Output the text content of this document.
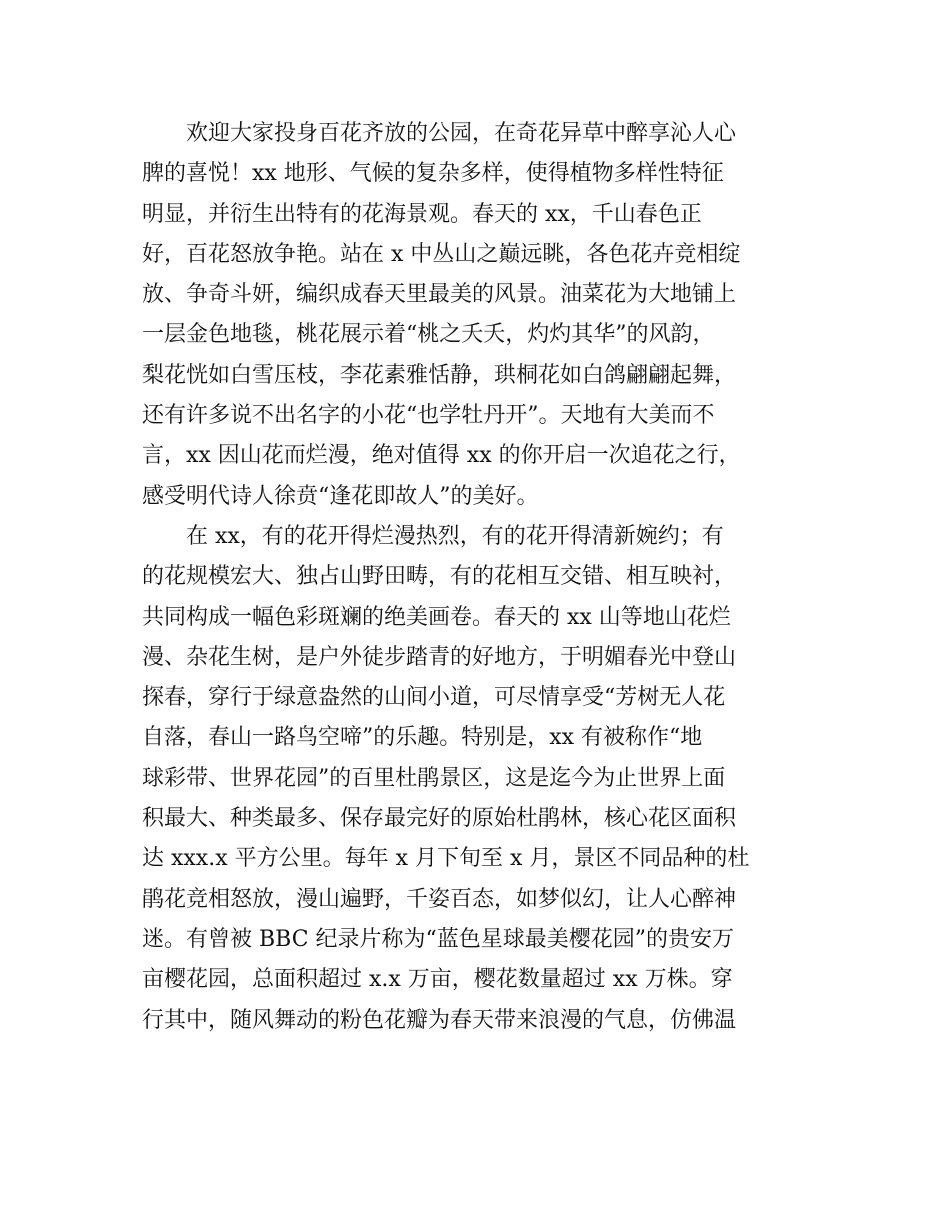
欢迎大家投身百花齐放的公园，在奇花异草中醉享沁人心
脾的喜悦！xx 地形、气候的复杂多样，使得植物多样性特征
明显，并衍生出特有的花海景观。春天的 xx，千山春色正
好，百花怒放争艳。站在 x 中丛山之巅远眺，各色花卉竞相绽
放、争奇斗妍，编织成春天里最美的风景。油菜花为大地铺上
一层金色地毯，桃花展示着“桃之夭夭，灼灼其华”的风韵，
梨花恍如白雪压枝，李花素雅恬静，珙桐花如白鸽翩翩起舞，
还有许多说不出名字的小花“也学牡丹开”。天地有大美而不
言，xx 因山花而烂漫，绝对值得 xx 的你开启一次追花之行，
感受明代诗人徐贲“逢花即故人”的美好。
在 xx，有的花开得烂漫热烈，有的花开得清新婉约；有
的花规模宏大、独占山野田畴，有的花相互交错、相互映衬，
共同构成一幅色彩斑斓的绝美画卷。春天的 xx 山等地山花烂
漫、杂花生树，是户外徒步踏青的好地方，于明媚春光中登山
探春，穿行于绿意盎然的山间小道，可尽情享受“芳树无人花
自落，春山一路鸟空啼”的乐趣。特别是，xx 有被称作“地
球彩带、世界花园”的百里杜鹃景区，这是迄今为止世界上面
积最大、种类最多、保存最完好的原始杜鹃林，核心花区面积
达 xxx.x 平方公里。每年 x 月下旬至 x 月，景区不同品种的杜
鹃花竞相怒放，漫山遍野，千姿百态，如梦似幻，让人心醉神
迷。有曾被 BBC 纪录片称为“蓝色星球最美樱花园”的贵安万
亩樱花园，总面积超过 x.x 万亩，樱花数量超过 xx 万株。穿
行其中，随风舞动的粉色花瓣为春天带来浪漫的气息，仿佛温
